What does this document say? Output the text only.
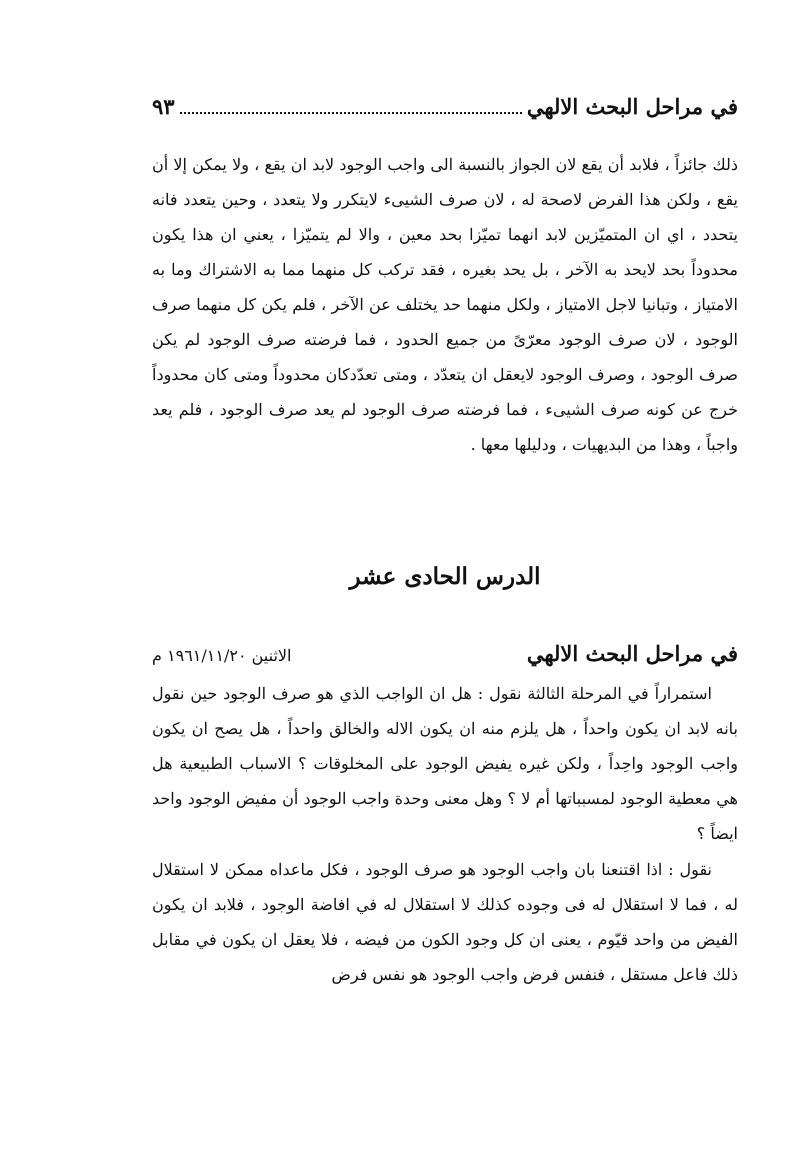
٩٣	في مراحل البحث الالهي

ذلك جائزاً ، فلابد أن يقع لان الجواز بالنسبة الى واجب الوجود لابد ان يقع ، ولا يمكن إلا أن يقع ، ولكن هذا الفرض لاصحة له ، لان صرف الشيىء لايتكرر ولا يتعدد ، وحين يتعدد فانه يتحدد ، اي ان المتميّزين لابد انهما تميّزا بحد معين ، والا لم يتميّزا ، يعني ان هذا يكون محدوداً بحد لايحد به الآخر ، بل يحد بغيره ، فقد تركب كل منهما مما به الاشتراك وما به الامتياز ، وتبانيا لاجل الامتياز ، ولكل منهما حد يختلف عن الآخر ، فلم يكن كل منهما صرف الوجود ، لان صرف الوجود معرّىً من جميع الحدود ، فما فرضته صرف الوجود لم يكن صرف الوجود ، وصرف الوجود لايعقل ان يتعدّد ، ومتى تعدّدكان محدوداً ومتى كان محدوداً خرج عن كونه صرف الشيىء ، فما فرضته صرف الوجود لم يعد صرف الوجود ، فلم يعد واجباً ، وهذا من البديهيات ، ودليلها معها .

الدرس الحادى عشر
في مراحل البحث الالهي
الاثنين ١٩٦١/١١/٢٠ م

استمراراً في المرحلة الثالثة نقول : هل ان الواجب الذي هو صرف الوجود حين نقول بانه لابد ان يكون واحداً ، هل يلزم منه ان يكون الاله والخالق واحداً ، هل يصح ان يكون واجب الوجود واحِداً ، ولكن غيره يفيض الوجود على المخلوقات ؟ الاسباب الطبيعية هل هي معطية الوجود لمسبباتها أم لا ؟ وهل معنى وحدة واجب الوجود أن مفيض الوجود واحد ايضاً ؟

نقول : اذا اقتنعنا بان واجب الوجود هو صرف الوجود ، فكل ماعداه ممكن لا استقلال له ، فما لا استقلال له فى وجوده كذلك لا استقلال له في افاضة الوجود ، فلابد ان يكون الفيض من واحد قيّوم ، يعنى ان كل وجود الكون من فيضه ، فلا يعقل ان يكون في مقابل ذلك فاعل مستقل ، فنفس فرض واجب الوجود هو نفس فرض
